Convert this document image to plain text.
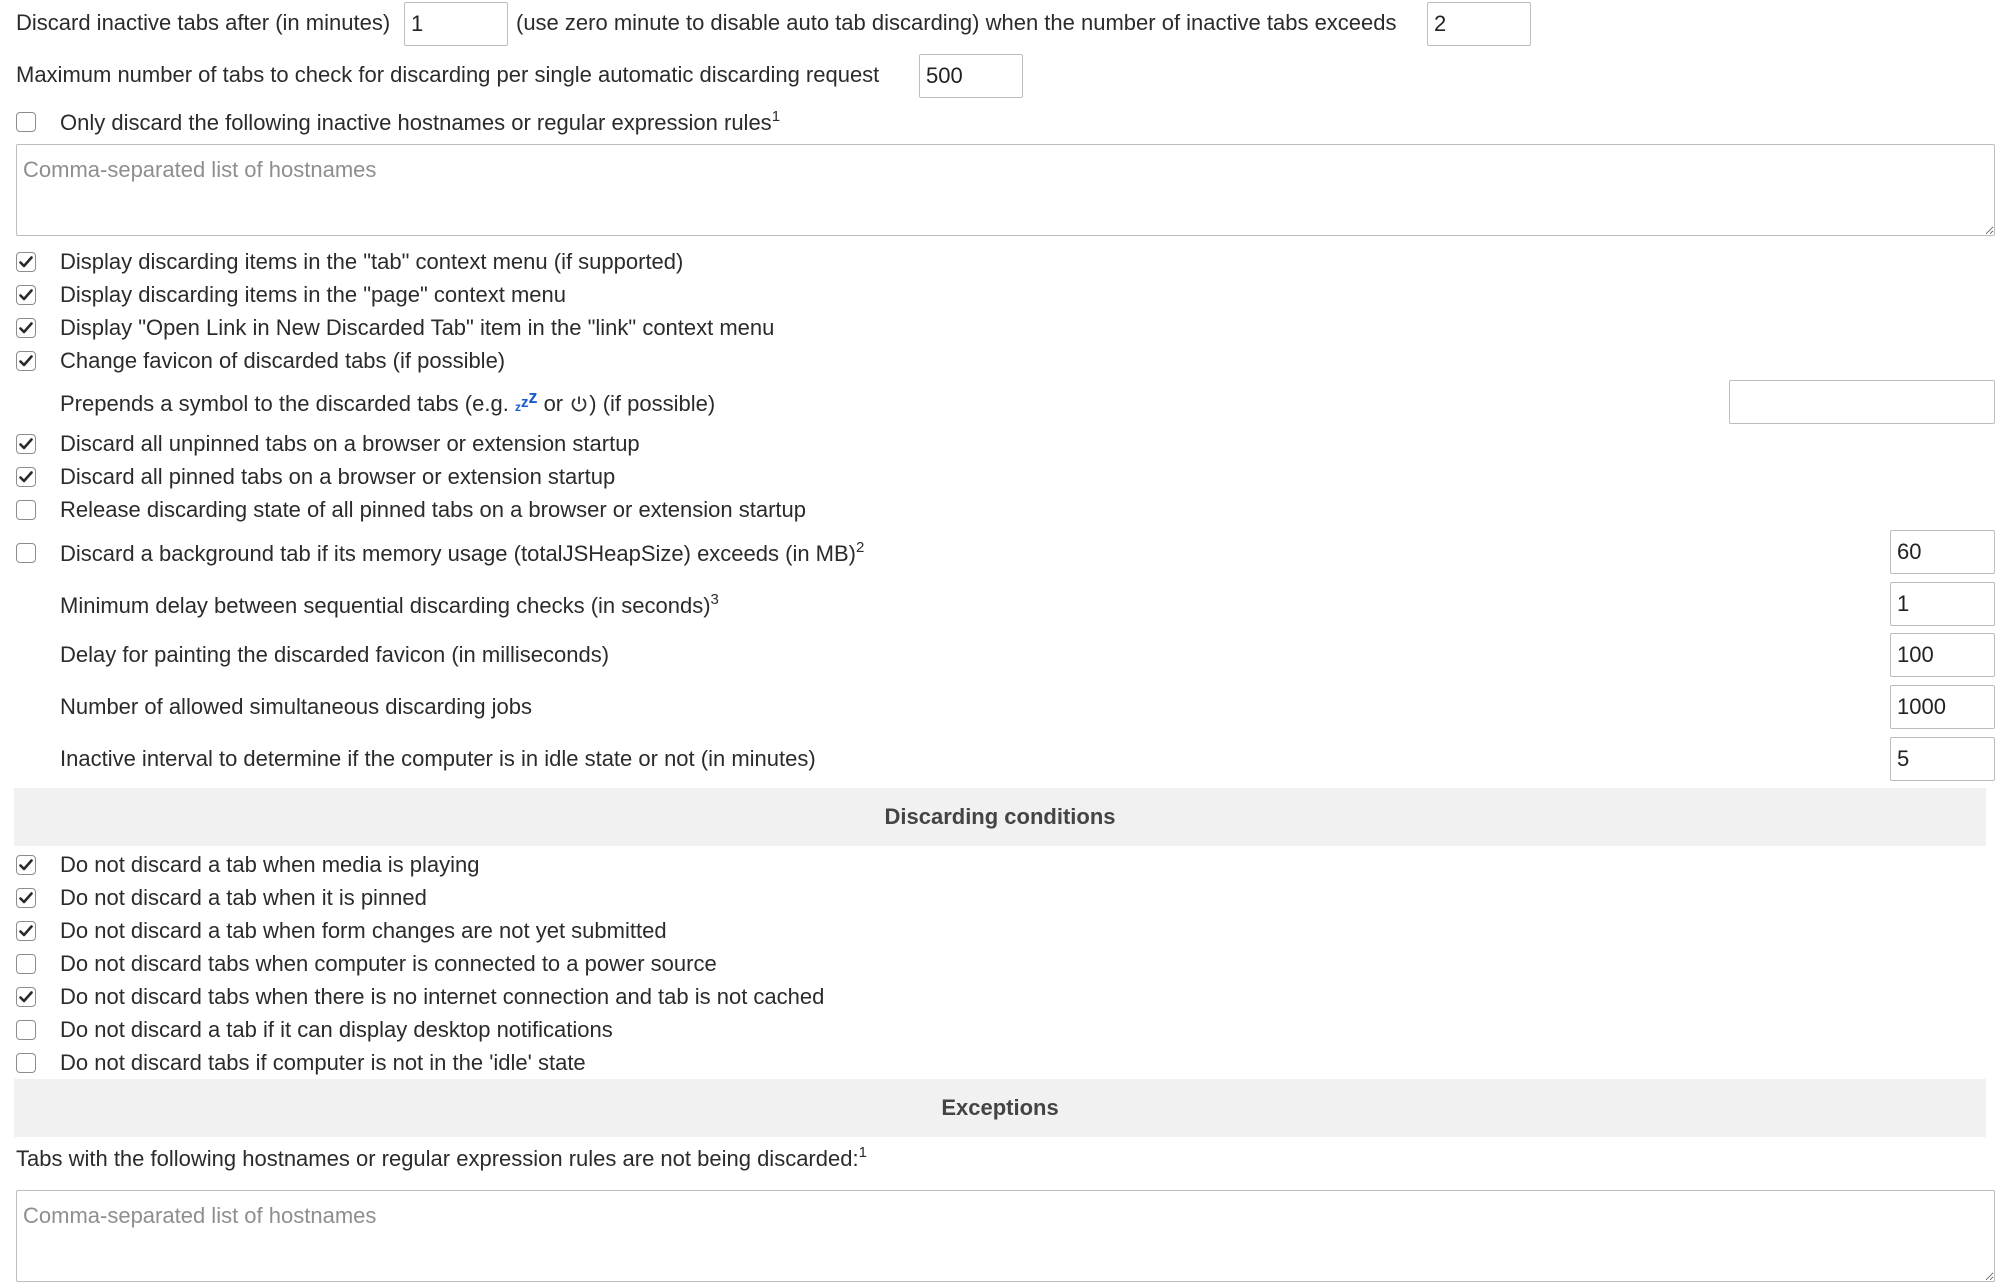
Discard inactive tabs after (in minutes)
1	(use zero minute to disable auto tab discarding) when the number of inactive tabs exceeds
2
Maximum number of tabs to check for discarding per single automatic discarding request
500
Only discard the following inactive hostnames or regular expression rules$^1$
Comma-separated list of hostnames
Display discarding items in the "tab" context menu (if supported)
Display discarding items in the "page" context menu
Display "Open Link in New Discarded Tab" item in the "link" context menu
Change favicon of discarded tabs (if possible)
Prepends a symbol to the discarded tabs (e.g. zzz or ) (if possible)
Discard all unpinned tabs on a browser or extension startup
Discard all pinned tabs on a browser or extension startup
Release discarding state of all pinned tabs on a browser or extension startup
Discard a background tab if its memory usage (totalJSHeapSize) exceeds (in MB)$^2$
60
Minimum delay between sequential discarding checks (in seconds)$^3$
1
Delay for painting the discarded favicon (in milliseconds)
100
Number of allowed simultaneous discarding jobs
1000
Inactive interval to determine if the computer is in idle state or not (in minutes)
5
Discarding conditions
Do not discard a tab when media is playing
Do not discard a tab when it is pinned
Do not discard a tab when form changes are not yet submitted
Do not discard tabs when computer is connected to a power source
Do not discard tabs when there is no internet connection and tab is not cached
Do not discard a tab if it can display desktop notifications
Do not discard tabs if computer is not in the 'idle' state
Exceptions
Tabs with the following hostnames or regular expression rules are not being discarded:$^1$
Comma-separated list of hostnames
